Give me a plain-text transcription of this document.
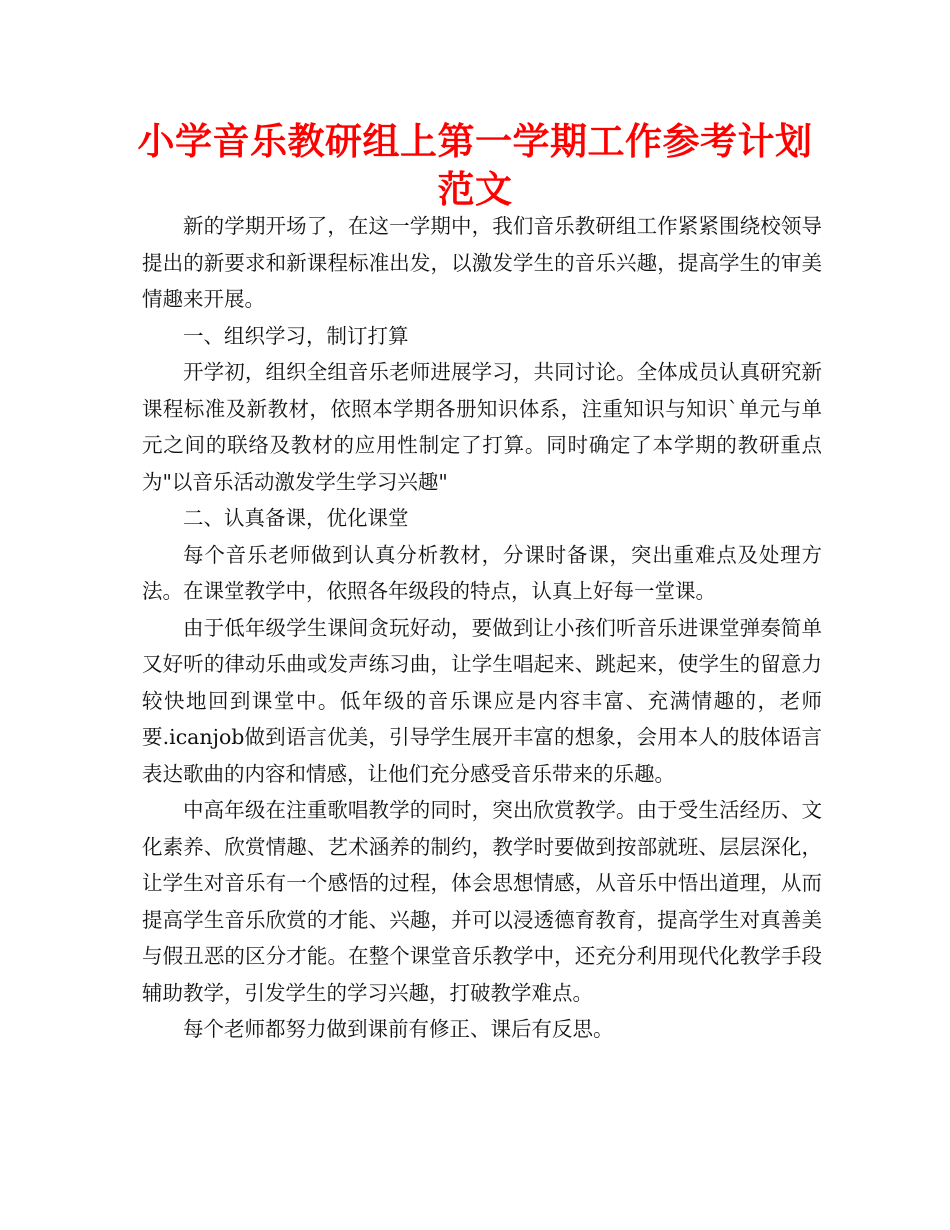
小学音乐教研组上第一学期工作参考计划
范文

新的学期开场了，在这一学期中，我们音乐教研组工作紧紧围绕校领导提出的新要求和新课程标准出发，以激发学生的音乐兴趣，提高学生的审美情趣来开展。

一、组织学习，制订打算

开学初，组织全组音乐老师进展学习，共同讨论。全体成员认真研究新课程标准及新教材，依照本学期各册知识体系，注重知识与知识`单元与单元之间的联络及教材的应用性制定了打算。同时确定了本学期的教研重点为"以音乐活动激发学生学习兴趣"

二、认真备课，优化课堂

每个音乐老师做到认真分析教材，分课时备课，突出重难点及处理方法。在课堂教学中，依照各年级段的特点，认真上好每一堂课。

由于低年级学生课间贪玩好动，要做到让小孩们听音乐进课堂弹奏简单又好听的律动乐曲或发声练习曲，让学生唱起来、跳起来，使学生的留意力较快地回到课堂中。低年级的音乐课应是内容丰富、充满情趣的，老师要.icanjob做到语言优美，引导学生展开丰富的想象，会用本人的肢体语言表达歌曲的内容和情感，让他们充分感受音乐带来的乐趣。

中高年级在注重歌唱教学的同时，突出欣赏教学。由于受生活经历、文化素养、欣赏情趣、艺术涵养的制约，教学时要做到按部就班、层层深化，让学生对音乐有一个感悟的过程，体会思想情感，从音乐中悟出道理，从而提高学生音乐欣赏的才能、兴趣，并可以浸透德育教育，提高学生对真善美与假丑恶的区分才能。在整个课堂音乐教学中，还充分利用现代化教学手段辅助教学，引发学生的学习兴趣，打破教学难点。

每个老师都努力做到课前有修正、课后有反思。
